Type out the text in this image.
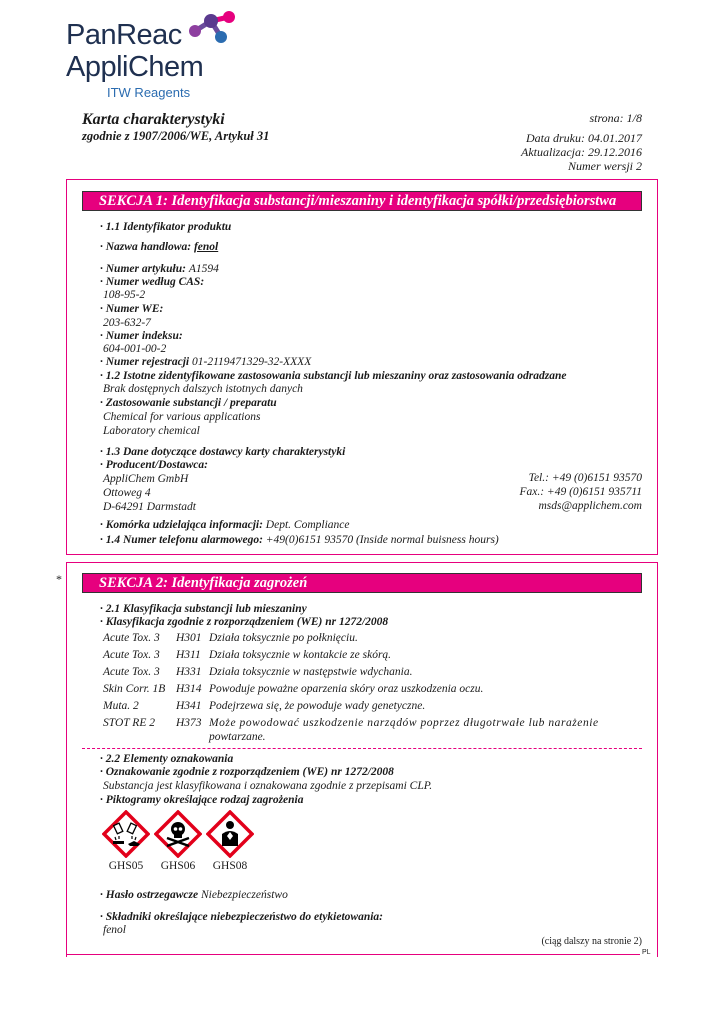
PanReac
AppliChem
ITW Reagents
Karta charakterystyki
zgodnie z 1907/2006/WE, Artykuł 31
strona: 1/8
Data druku: 04.01.2017
Aktualizacja: 29.12.2016
Numer wersji 2
SEKCJA 1: Identyfikacja substancji/mieszaniny i identyfikacja spółki/przedsiębiorstwa
· 1.1 Identyfikator produktu
· Nazwa handlowa: fenol
· Numer artykułu: A1594
· Numer według CAS:
108-95-2
· Numer WE:
203-632-7
· Numer indeksu:
604-001-00-2
· Numer rejestracji 01-2119471329-32-XXXX
· 1.2 Istotne zidentyfikowane zastosowania substancji lub mieszaniny oraz zastosowania odradzane
Brak dostępnych dalszych istotnych danych
· Zastosowanie substancji / preparatu
Chemical for various applications
Laboratory chemical
· 1.3 Dane dotyczące dostawcy karty charakterystyki
· Producent/Dostawca:
AppliChem GmbH
Ottoweg 4
D-64291 Darmstadt
Tel.: +49 (0)6151 93570
Fax.: +49 (0)6151 935711
msds@applichem.com
· Komórka udzielająca informacji: Dept. Compliance
· 1.4 Numer telefonu alarmowego: +49(0)6151 93570 (Inside normal buisness hours)
*	SEKCJA 2: Identyfikacja zagrożeń
· 2.1 Klasyfikacja substancji lub mieszaniny
· Klasyfikacja zgodnie z rozporządzeniem (WE) nr 1272/2008
Acute Tox. 3 H301 Działa toksycznie po połknięciu.
Acute Tox. 3 H311 Działa toksycznie w kontakcie ze skórą.
Acute Tox. 3 H331 Działa toksycznie w następstwie wdychania.
Skin Corr. 1B H314 Powoduje poważne oparzenia skóry oraz uszkodzenia oczu.
Muta. 2	H341 Podejrzewa się, że powoduje wady genetyczne.
STOT RE 2 H373 Może powodować uszkodzenie narządów poprzez długotrwałe lub narażenie
powtarzane.
· 2.2 Elementy oznakowania
· Oznakowanie zgodnie z rozporządzeniem (WE) nr 1272/2008
Substancja jest klasyfikowana i oznakowana zgodnie z przepisami CLP.
· Piktogramy określające rodzaj zagrożenia
GHS05	GHS06	GHS08
· Hasło ostrzegawcze Niebezpieczeństwo
· Składniki określające niebezpieczeństwo do etykietowania:
fenol
(ciąg dalszy na stronie 2)
PL
